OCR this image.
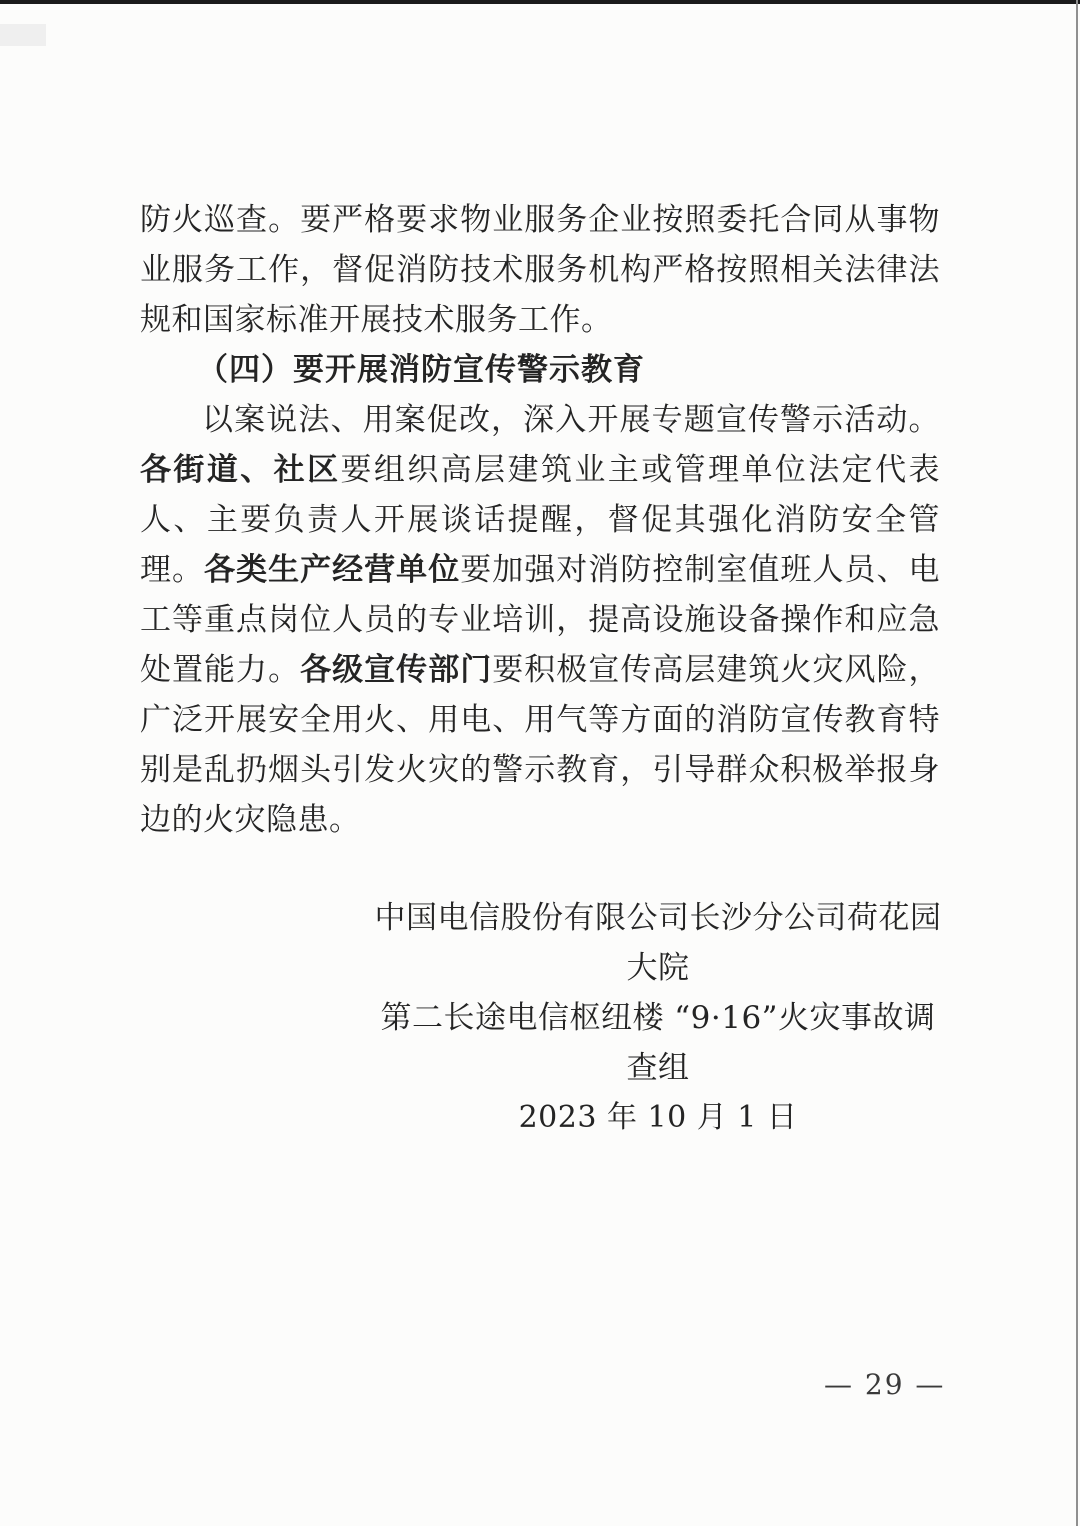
防火巡查。要严格要求物业服务企业按照委托合同从事物业服务工作，督促消防技术服务机构严格按照相关法律法规和国家标准开展技术服务工作。

（四）要开展消防宣传警示教育

以案说法、用案促改，深入开展专题宣传警示活动。各街道、社区要组织高层建筑业主或管理单位法定代表人、主要负责人开展谈话提醒，督促其强化消防安全管理。各类生产经营单位要加强对消防控制室值班人员、电工等重点岗位人员的专业培训，提高设施设备操作和应急处置能力。各级宣传部门要积极宣传高层建筑火灾风险，广泛开展安全用火、用电、用气等方面的消防宣传教育特别是乱扔烟头引发火灾的警示教育，引导群众积极举报身边的火灾隐患。

中国电信股份有限公司长沙分公司荷花园大院
第二长途电信枢纽楼 “9·16”火灾事故调查组
2023 年 10 月 1 日
— 29 —
